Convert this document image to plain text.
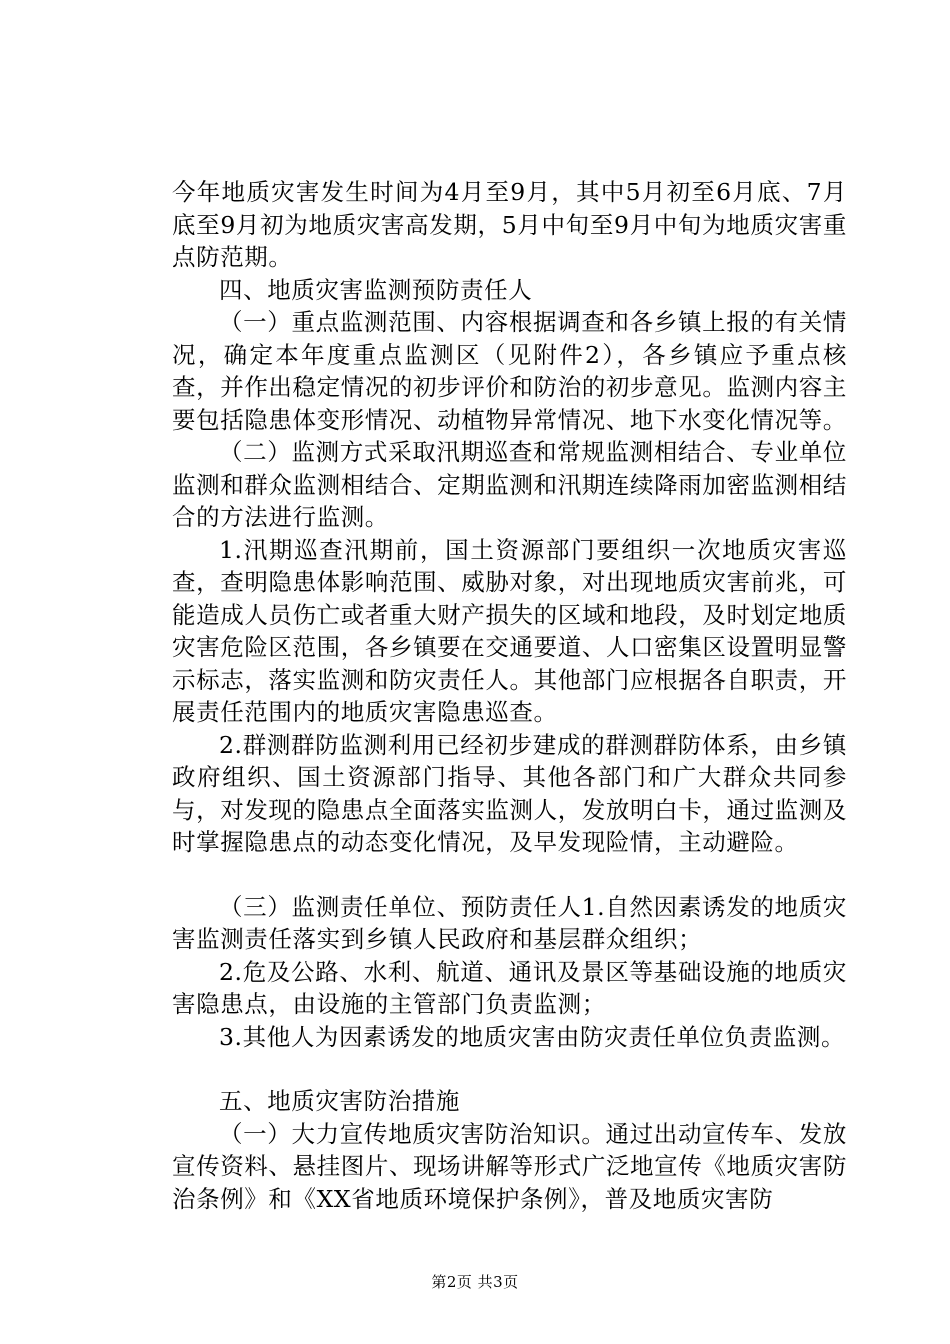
今年地质灾害发生时间为4月至9月，其中5月初至6月底、7月底至9月初为地质灾害高发期，5月中旬至9月中旬为地质灾害重点防范期。

四、地质灾害监测预防责任人

（一）重点监测范围、内容根据调查和各乡镇上报的有关情况，确定本年度重点监测区（见附件2），各乡镇应予重点核查，并作出稳定情况的初步评价和防治的初步意见。监测内容主要包括隐患体变形情况、动植物异常情况、地下水变化情况等。

（二）监测方式采取汛期巡查和常规监测相结合、专业单位监测和群众监测相结合、定期监测和汛期连续降雨加密监测相结合的方法进行监测。

1.汛期巡查汛期前，国土资源部门要组织一次地质灾害巡查，查明隐患体影响范围、威胁对象，对出现地质灾害前兆，可能造成人员伤亡或者重大财产损失的区域和地段，及时划定地质灾害危险区范围，各乡镇要在交通要道、人口密集区设置明显警示标志，落实监测和防灾责任人。其他部门应根据各自职责，开展责任范围内的地质灾害隐患巡查。

2.群测群防监测利用已经初步建成的群测群防体系，由乡镇政府组织、国土资源部门指导、其他各部门和广大群众共同参与，对发现的隐患点全面落实监测人，发放明白卡，通过监测及时掌握隐患点的动态变化情况，及早发现险情，主动避险。

（三）监测责任单位、预防责任人1.自然因素诱发的地质灾害监测责任落实到乡镇人民政府和基层群众组织；

2.危及公路、水利、航道、通讯及景区等基础设施的地质灾害隐患点，由设施的主管部门负责监测；

3.其他人为因素诱发的地质灾害由防灾责任单位负责监测。

五、地质灾害防治措施

（一）大力宣传地质灾害防治知识。通过出动宣传车、发放宣传资料、悬挂图片、现场讲解等形式广泛地宣传《地质灾害防治条例》和《XX省地质环境保护条例》，普及地质灾害防

第2页 共3页
